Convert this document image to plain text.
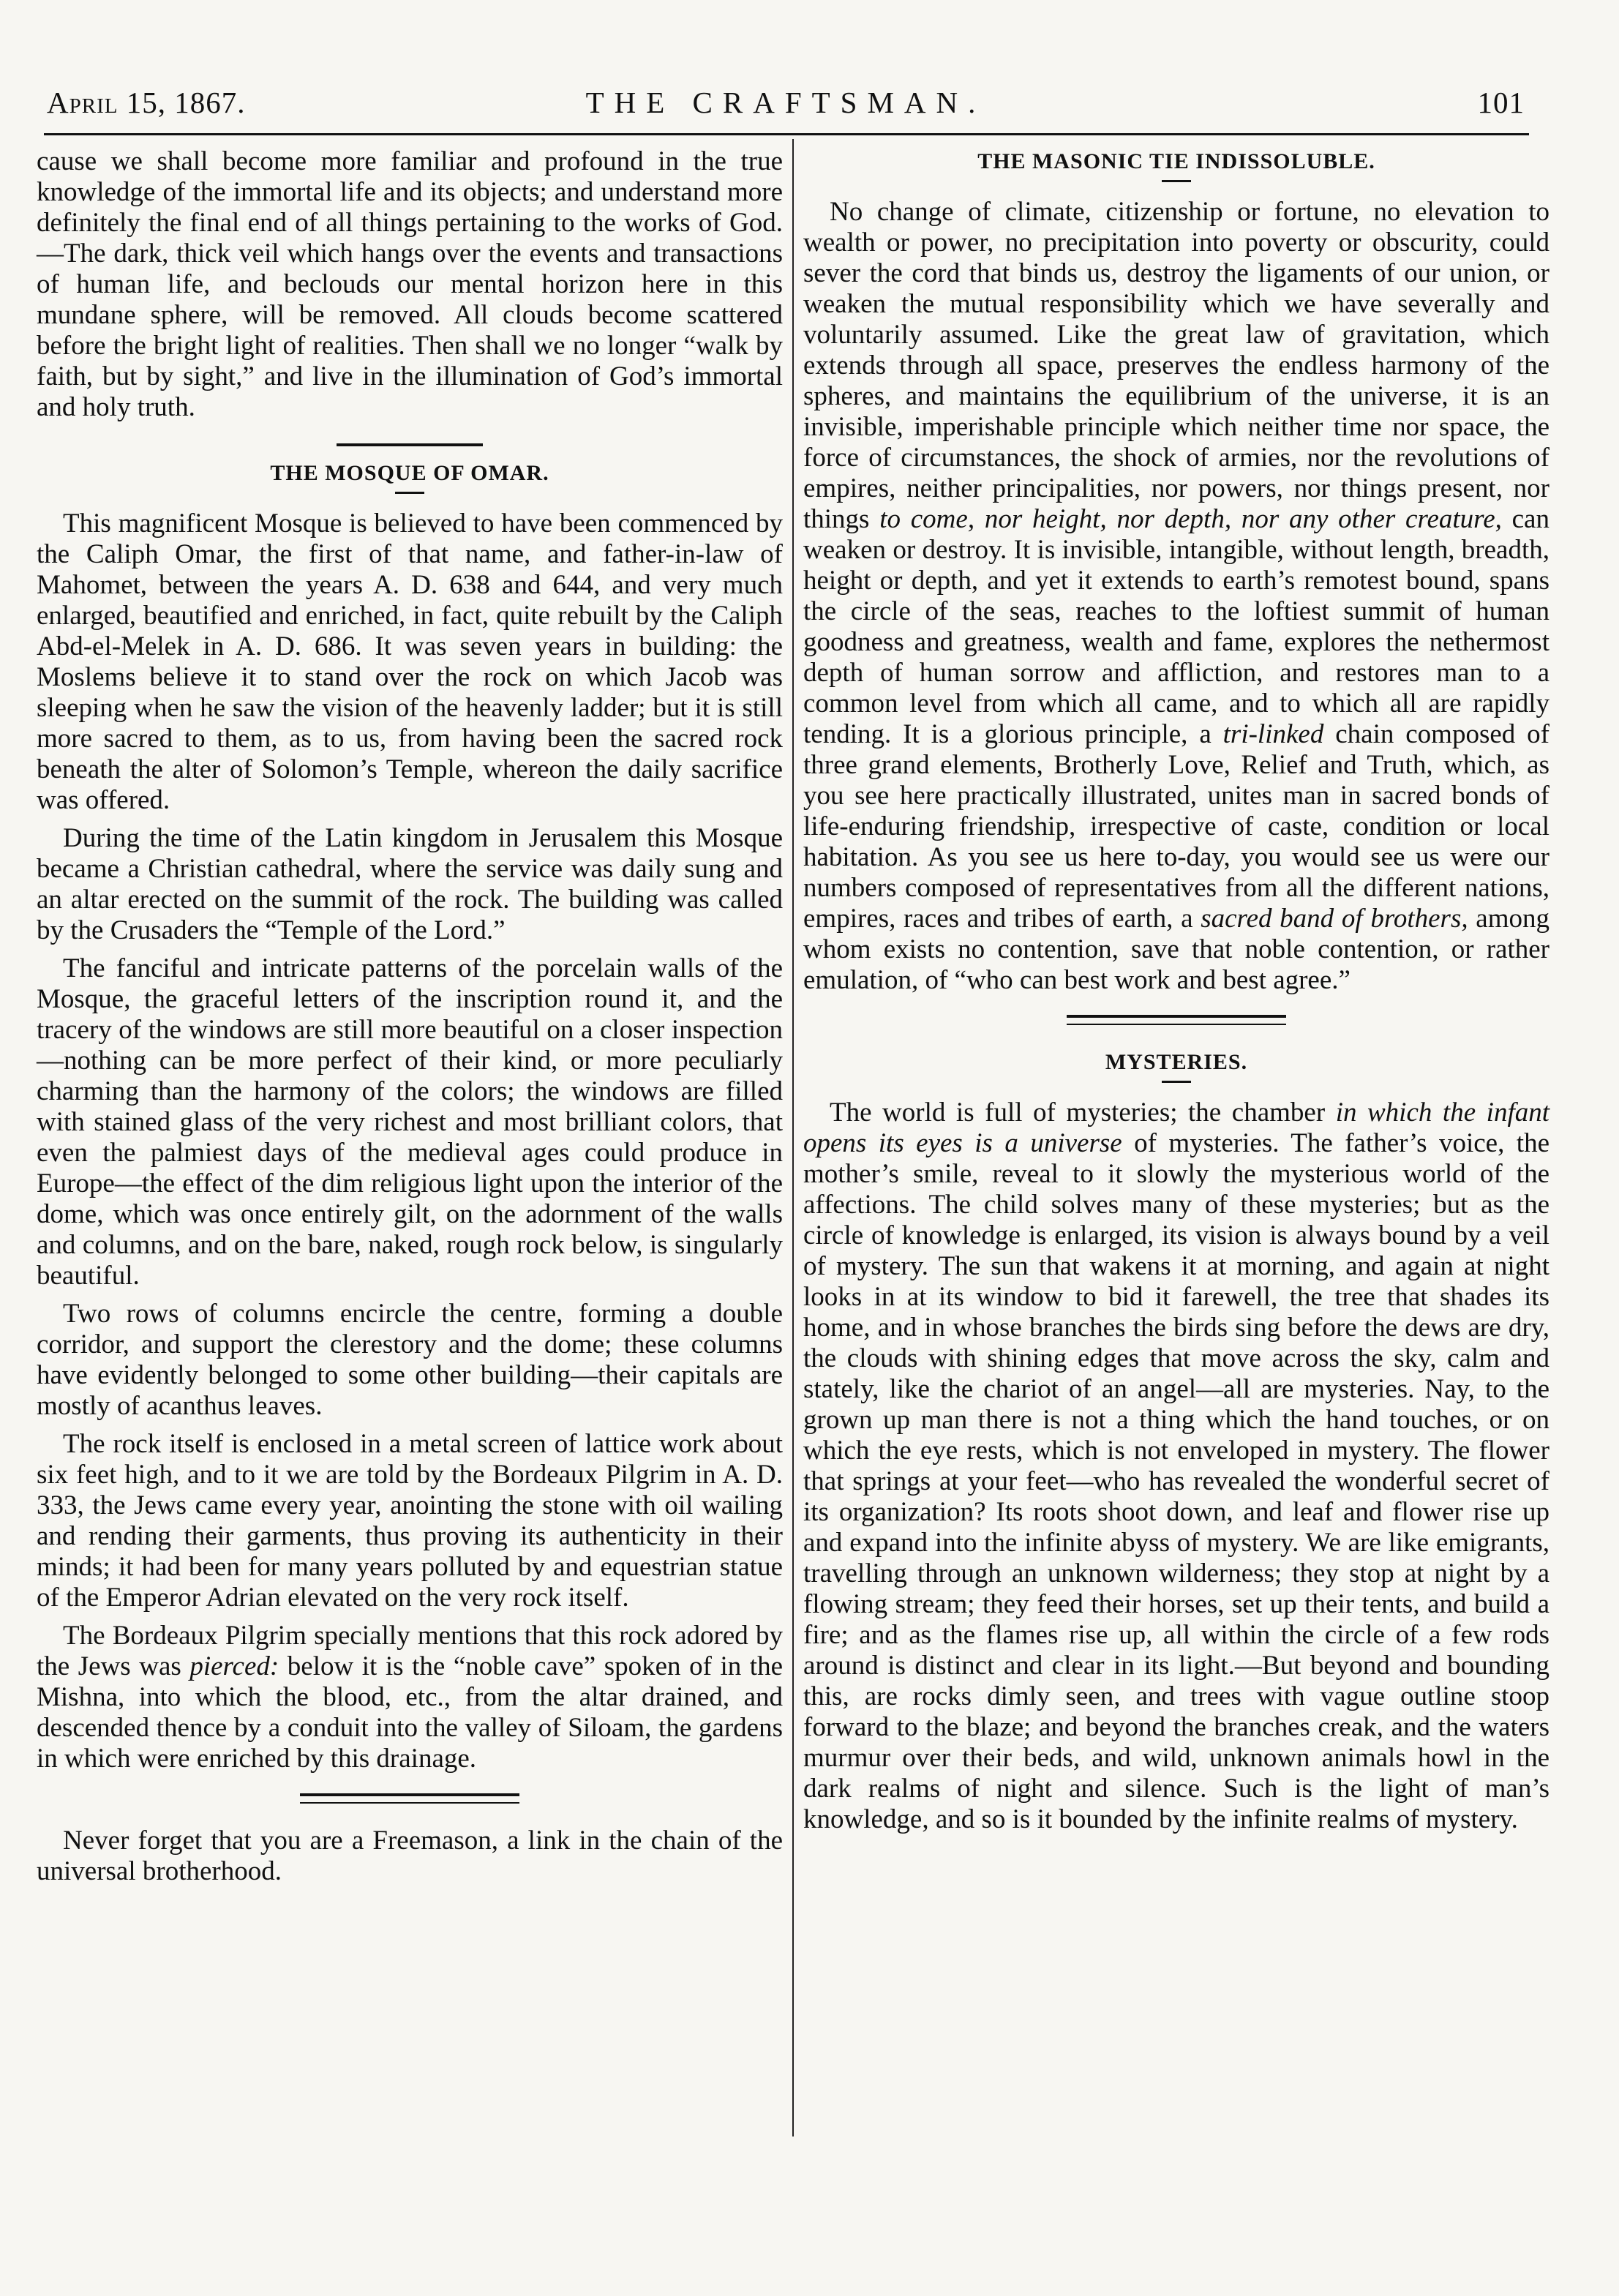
April 15, 1867.	THE CRAFTSMAN.	101

cause we shall become more familiar and profound in the true knowledge of the immortal life and its objects; and understand more definitely the final end of all things pertaining to the works of God.—The dark, thick veil which hangs over the events and transactions of human life, and beclouds our mental horizon here in this mundane sphere, will be removed. All clouds become scattered before the bright light of realities. Then shall we no longer “walk by faith, but by sight,” and live in the illumination of God’s immortal and holy truth.

THE MOSQUE OF OMAR.

This magnificent Mosque is believed to have been commenced by the Caliph Omar, the first of that name, and father-in-law of Mahomet, between the years A. D. 638 and 644, and very much enlarged, beautified and enriched, in fact, quite rebuilt by the Caliph Abd-el-Melek in A. D. 686. It was seven years in building: the Moslems believe it to stand over the rock on which Jacob was sleeping when he saw the vision of the heavenly ladder; but it is still more sacred to them, as to us, from having been the sacred rock beneath the alter of Solomon’s Temple, whereon the daily sacrifice was offered.

During the time of the Latin kingdom in Jerusalem this Mosque became a Christian cathedral, where the service was daily sung and an altar erected on the summit of the rock. The building was called by the Crusaders the “Temple of the Lord.”

The fanciful and intricate patterns of the porcelain walls of the Mosque, the graceful letters of the inscription round it, and the tracery of the windows are still more beautiful on a closer inspection—nothing can be more perfect of their kind, or more peculiarly charming than the harmony of the colors; the windows are filled with stained glass of the very richest and most brilliant colors, that even the palmiest days of the medieval ages could produce in Europe—the effect of the dim religious light upon the interior of the dome, which was once entirely gilt, on the adornment of the walls and columns, and on the bare, naked, rough rock below, is singularly beautiful.

Two rows of columns encircle the centre, forming a double corridor, and support the clerestory and the dome; these columns have evidently belonged to some other building—their capitals are mostly of acanthus leaves.

The rock itself is enclosed in a metal screen of lattice work about six feet high, and to it we are told by the Bordeaux Pilgrim in A. D. 333, the Jews came every year, anointing the stone with oil wailing and rending their garments, thus proving its authenticity in their minds; it had been for many years polluted by and equestrian statue of the Emperor Adrian elevated on the very rock itself.

The Bordeaux Pilgrim specially mentions that this rock adored by the Jews was pierced: below it is the “noble cave” spoken of in the Mishna, into which the blood, etc., from the altar drained, and descended thence by a conduit into the valley of Siloam, the gardens in which were enriched by this drainage.

Never forget that you are a Freemason, a link in the chain of the universal brotherhood.

THE MASONIC TIE INDISSOLUBLE.

No change of climate, citizenship or fortune, no elevation to wealth or power, no precipitation into poverty or obscurity, could sever the cord that binds us, destroy the ligaments of our union, or weaken the mutual responsibility which we have severally and voluntarily assumed. Like the great law of gravitation, which extends through all space, preserves the endless harmony of the spheres, and maintains the equilibrium of the universe, it is an invisible, imperishable principle which neither time nor space, the force of circumstances, the shock of armies, nor the revolutions of empires, neither principalities, nor powers, nor things present, nor things to come, nor height, nor depth, nor any other creature, can weaken or destroy. It is invisible, intangible, without length, breadth, height or depth, and yet it extends to earth’s remotest bound, spans the circle of the seas, reaches to the loftiest summit of human goodness and greatness, wealth and fame, explores the nethermost depth of human sorrow and affliction, and restores man to a common level from which all came, and to which all are rapidly tending. It is a glorious principle, a tri-linked chain composed of three grand elements, Brotherly Love, Relief and Truth, which, as you see here practically illustrated, unites man in sacred bonds of life-enduring friendship, irrespective of caste, condition or local habitation. As you see us here to-day, you would see us were our numbers composed of representatives from all the different nations, empires, races and tribes of earth, a sacred band of brothers, among whom exists no contention, save that noble contention, or rather emulation, of “who can best work and best agree.”

MYSTERIES.

The world is full of mysteries; the chamber in which the infant opens its eyes is a universe of mysteries. The father’s voice, the mother’s smile, reveal to it slowly the mysterious world of the affections. The child solves many of these mysteries; but as the circle of knowledge is enlarged, its vision is always bound by a veil of mystery. The sun that wakens it at morning, and again at night looks in at its window to bid it farewell, the tree that shades its home, and in whose branches the birds sing before the dews are dry, the clouds with shining edges that move across the sky, calm and stately, like the chariot of an angel—all are mysteries. Nay, to the grown up man there is not a thing which the hand touches, or on which the eye rests, which is not enveloped in mystery. The flower that springs at your feet—who has revealed the wonderful secret of its organization? Its roots shoot down, and leaf and flower rise up and expand into the infinite abyss of mystery. We are like emigrants, travelling through an unknown wilderness; they stop at night by a flowing stream; they feed their horses, set up their tents, and build a fire; and as the flames rise up, all within the circle of a few rods around is distinct and clear in its light.—But beyond and bounding this, are rocks dimly seen, and trees with vague outline stoop forward to the blaze; and beyond the branches creak, and the waters murmur over their beds, and wild, unknown animals howl in the dark realms of night and silence. Such is the light of man’s knowledge, and so is it bounded by the infinite realms of mystery.
